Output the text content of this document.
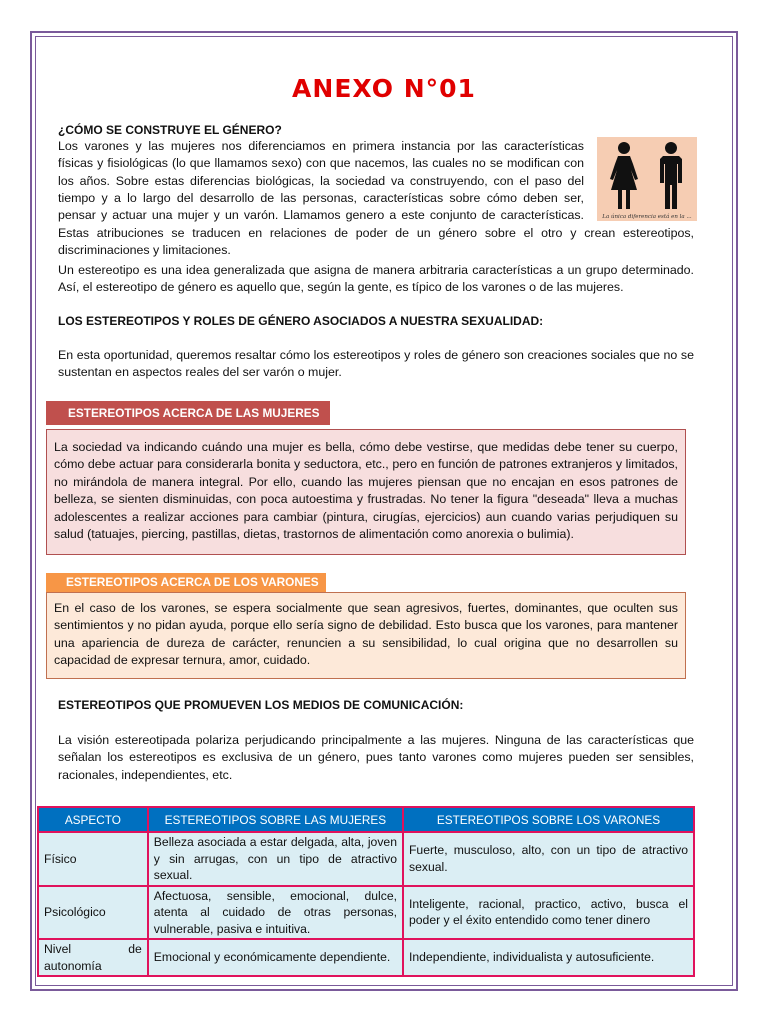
ANEXO N°01
¿CÓMO SE CONSTRUYE EL GÉNERO?
Los varones y las mujeres nos diferenciamos en primera instancia por las características
físicas y fisiológicas (lo que llamamos sexo) con que nacemos, las cuales no se modifican con
los años. Sobre estas diferencias biológicas, la sociedad va construyendo, con el paso del
tiempo y a lo largo del desarrollo de las personas, características sobre cómo deben ser,
pensar y actuar una mujer y un varón. Llamamos genero a este conjunto de características.	La única diferencia está en la ...
Estas atribuciones se traducen en relaciones de poder de un género sobre el otro y crean estereotipos, discriminaciones y limitaciones.
Un estereotipo es una idea generalizada que asigna de manera arbitraria características a un grupo determinado. Así, el estereotipo de género es aquello que, según la gente, es típico de los varones o de las mujeres.
LOS ESTEREOTIPOS Y ROLES DE GÉNERO ASOCIADOS A NUESTRA SEXUALIDAD:
En esta oportunidad, queremos resaltar cómo los estereotipos y roles de género son creaciones sociales que no se sustentan en aspectos reales del ser varón o mujer.
ESTEREOTIPOS ACERCA DE LAS MUJERES
La sociedad va indicando cuándo una mujer es bella, cómo debe vestirse, que medidas debe tener su cuerpo, cómo debe actuar para considerarla bonita y seductora, etc., pero en función de patrones extranjeros y limitados, no mirándola de manera integral. Por ello, cuando las mujeres piensan que no encajan en esos patrones de belleza, se sienten disminuidas, con poca autoestima y frustradas. No tener la figura "deseada" lleva a muchas adolescentes a realizar acciones para cambiar (pintura, cirugías, ejercicios) aun cuando varias perjudiquen su salud (tatuajes, piercing, pastillas, dietas, trastornos de alimentación como anorexia o bulimia).
ESTEREOTIPOS ACERCA DE LOS VARONES
En el caso de los varones, se espera socialmente que sean agresivos, fuertes, dominantes, que oculten sus sentimientos y no pidan ayuda, porque ello sería signo de debilidad. Esto busca que los varones, para mantener una apariencia de dureza de carácter, renuncien a su sensibilidad, lo cual origina que no desarrollen su capacidad de expresar ternura, amor, cuidado.
ESTEREOTIPOS QUE PROMUEVEN LOS MEDIOS DE COMUNICACIÓN:
La visión estereotipada polariza perjudicando principalmente a las mujeres. Ninguna de las características que señalan los estereotipos es exclusiva de un género, pues tanto varones como mujeres pueden ser sensibles, racionales, independientes, etc.
ASPECTO	ESTEREOTIPOS SOBRE LAS MUJERES	ESTEREOTIPOS SOBRE LOS VARONES
Físico	Belleza asociada a estar delgada, alta, joven y sin arrugas, con un tipo de atractivo sexual.	Fuerte, musculoso, alto, con un tipo de atractivo sexual.
Psicológico	Afectuosa, sensible, emocional, dulce, atenta al cuidado de otras personas, vulnerable, pasiva e intuitiva.	Inteligente, racional, practico, activo, busca el poder y el éxito entendido como tener dinero
Nivel de autonomía	Emocional y económicamente dependiente.	Independiente, individualista y autosuficiente.
